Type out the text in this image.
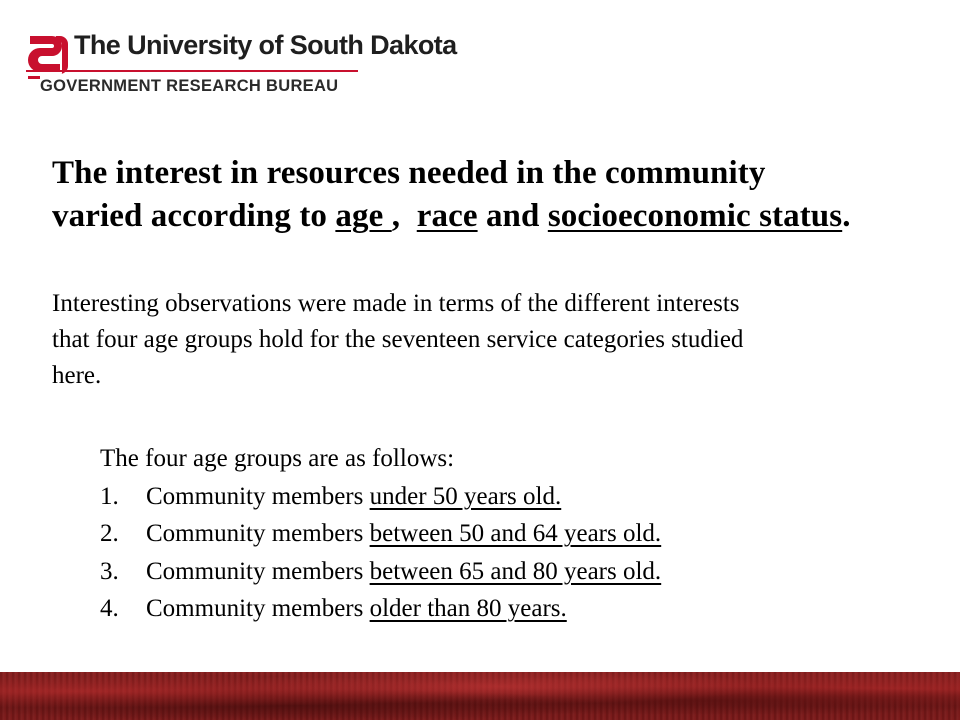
The University of South Dakota
GOVERNMENT RESEARCH BUREAU
The interest in resources needed in the community
varied according to age ,  race and socioeconomic status.

Interesting observations were made in terms of the different interests
that four age groups hold for the seventeen service categories studied
here.

The four age groups are as follows:
1.	Community members under 50 years old.
2.	Community members between 50 and 64 years old.
3.	Community members between 65 and 80 years old.
4.	Community members older than 80 years.
